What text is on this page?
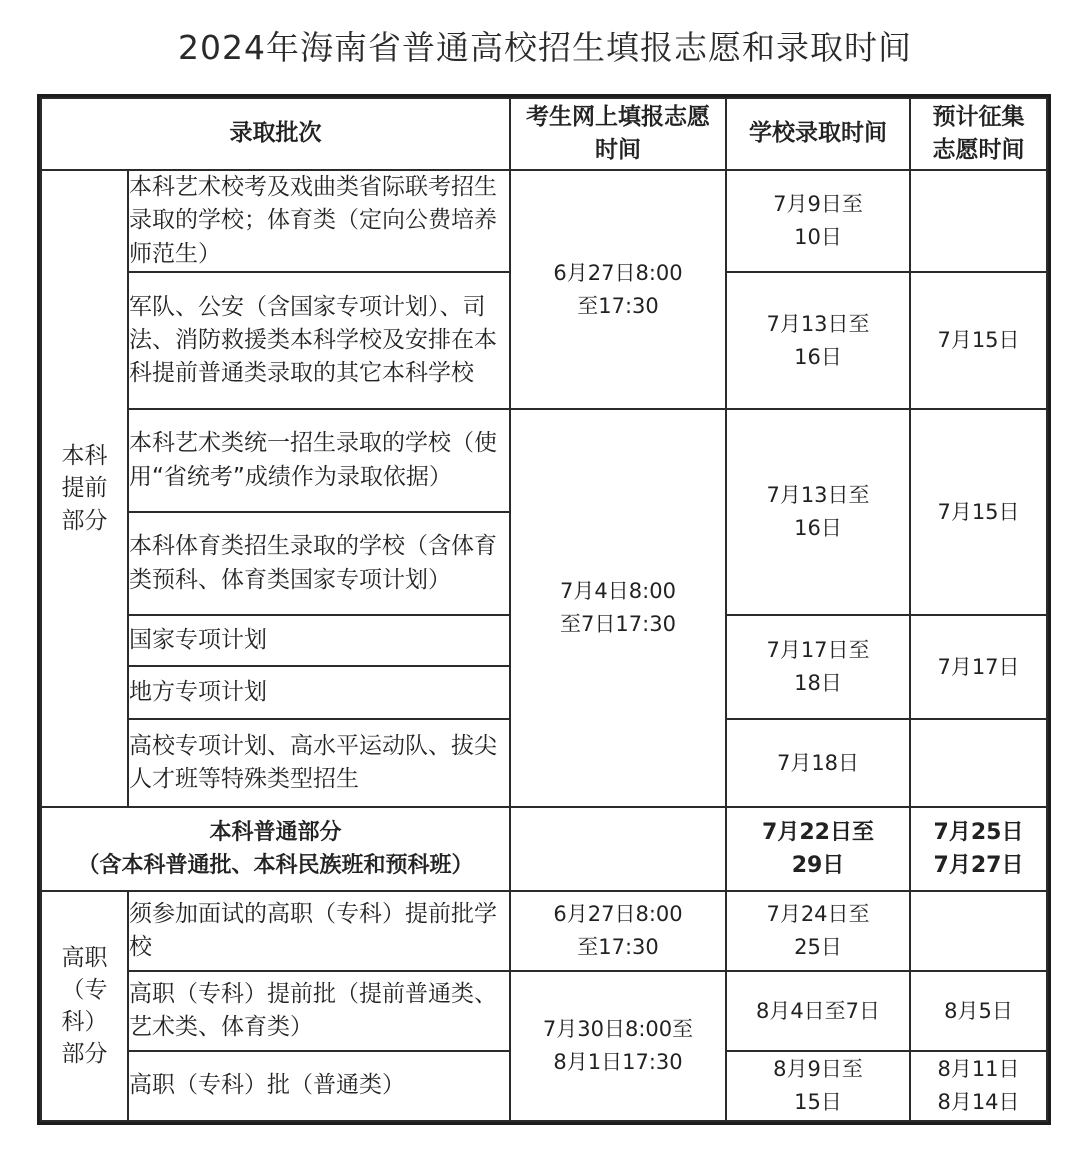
2024年海南省普通高校招生填报志愿和录取时间
录取批次		考生网上填报志愿
时间	学校录取时间	预计征集
志愿时间
本科
提前
部分	本科艺术校考及戏曲类省际联考招生录取的学校；体育类（定向公费培养师范生）	6月27日8:00
至17:30	7月9日至
10日	
	军队、公安（含国家专项计划）、司法、消防救援类本科学校及安排在本科提前普通类录取的其它本科学校		7月13日至
16日	7月15日
	本科艺术类统一招生录取的学校（使用“省统考”成绩作为录取依据）	7月4日8:00
至7日17:30	7月13日至
16日	7月15日
	本科体育类招生录取的学校（含体育类预科、体育类国家专项计划）			
	国家专项计划		7月17日至
18日	7月17日
	地方专项计划			
	高校专项计划、高水平运动队、拔尖人才班等特殊类型招生		7月18日	
本科普通部分
（含本科普通批、本科民族班和预科班）			7月22日至
29日	7月25日
7月27日
高职
（专
科）
部分	须参加面试的高职（专科）提前批学校	6月27日8:00
至17:30	7月24日至
25日	
	高职（专科）提前批（提前普通类、艺术类、体育类）	7月30日8:00至
8月1日17:30	8月4日至7日	8月5日
	高职（专科）批（普通类）		8月9日至
15日	8月11日
8月14日
